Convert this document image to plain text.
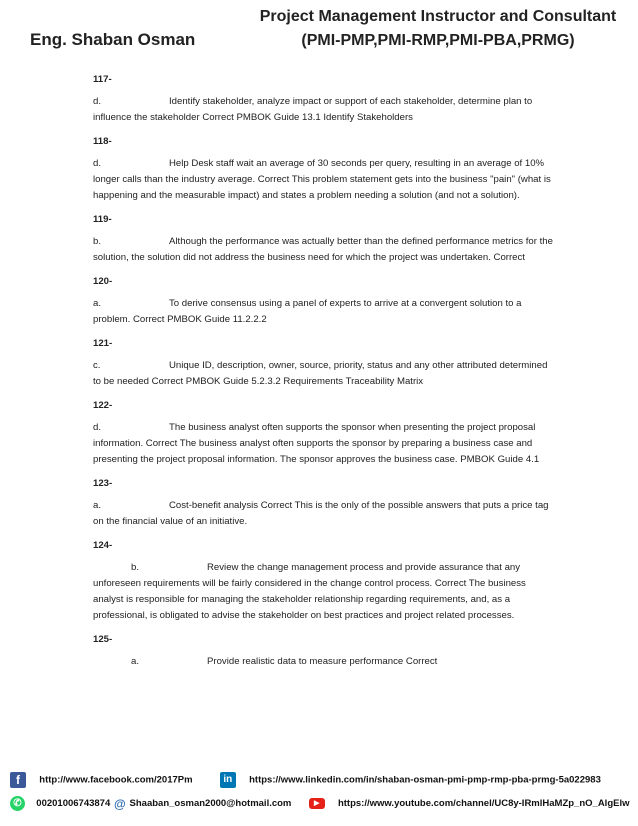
Eng. Shaban Osman
Project Management Instructor and Consultant
(PMI-PMP,PMI-RMP,PMI-PBA,PRMG)
117-
d.	Identify stakeholder, analyze impact or support of each stakeholder, determine plan to influence the stakeholder Correct PMBOK Guide 13.1 Identify Stakeholders
118-
d.	Help Desk staff wait an average of 30 seconds per query, resulting in an average of 10% longer calls than the industry average. Correct This problem statement gets into the business "pain" (what is happening and the measurable impact) and states a problem needing a solution (and not a solution).
119-
b.	Although the performance was actually better than the defined performance metrics for the solution, the solution did not address the business need for which the project was undertaken. Correct
120-
a.	To derive consensus using a panel of experts to arrive at a convergent solution to a problem. Correct PMBOK Guide 11.2.2.2
121-
c.	Unique ID, description, owner, source, priority, status and any other attributed determined to be needed Correct PMBOK Guide 5.2.3.2 Requirements Traceability Matrix
122-
d.	The business analyst often supports the sponsor when presenting the project proposal information. Correct The business analyst often supports the sponsor by preparing a business case and presenting the project proposal information. The sponsor approves the business case. PMBOK Guide 4.1
123-
a.	Cost-benefit analysis Correct This is the only of the possible answers that puts a price tag on the financial value of an initiative.
124-
b.	Review the change management process and provide assurance that any unforeseen requirements will be fairly considered in the change control process. Correct The business analyst is responsible for managing the stakeholder relationship regarding requirements, and, as a professional, is obligated to advise the stakeholder on best practices and project related processes.
125-
a.	Provide realistic data to measure performance Correct
f http://www.facebook.com/2017Pm	in https://www.linkedin.com/in/shaban-osman-pmi-pmp-rmp-pba-prmg-5a022983
✆ 00201006743874 @ Shaaban_osman2000@hotmail.com	▶ https://www.youtube.com/channel/UC8y-IRmlHaMZp_nO_AlgElw
